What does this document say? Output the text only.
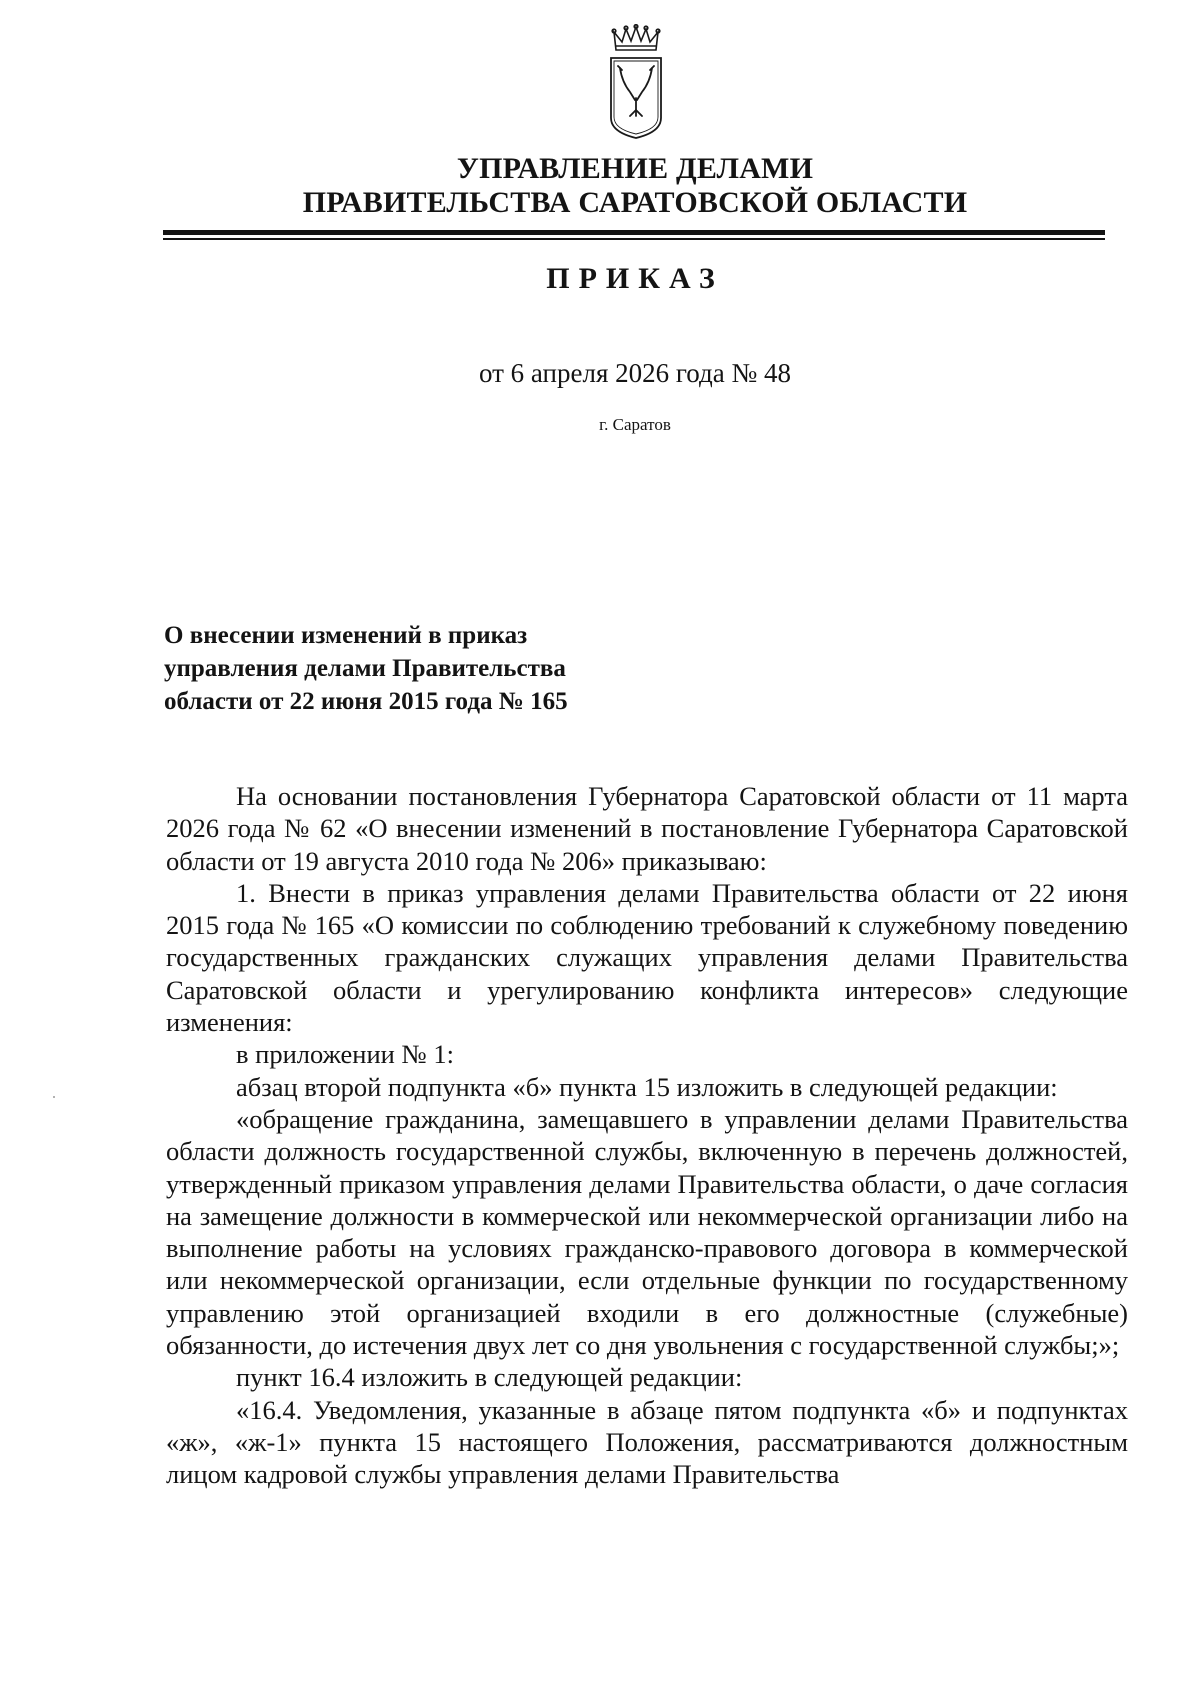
УПРАВЛЕНИЕ ДЕЛАМИ
ПРАВИТЕЛЬСТВА САРАТОВСКОЙ ОБЛАСТИ
ПРИКАЗ
от 6 апреля 2026 года № 48
г. Саратов
О внесении изменений в приказ
управления делами Правительства
области от 22 июня 2015 года № 165

На основании постановления Губернатора Саратовской области от 11 марта 2026 года № 62 «О внесении изменений в постановление Губернатора Саратовской области от 19 августа 2010 года № 206» приказываю:

1. Внести в приказ управления делами Правительства области от 22 июня 2015 года № 165 «О комиссии по соблюдению требований к служебному поведению государственных гражданских служащих управления делами Правительства Саратовской области и урегулированию конфликта интересов» следующие изменения:

в приложении № 1:

абзац второй подпункта «б» пункта 15 изложить в следующей редакции:

«обращение гражданина, замещавшего в управлении делами Правительства области должность государственной службы, включенную в перечень должностей, утвержденный приказом управления делами Правительства области, о даче согласия на замещение должности в коммерческой или некоммерческой организации либо на выполнение работы на условиях гражданско-правового договора в коммерческой или некоммерческой организации, если отдельные функции по государственному управлению этой организацией входили в его должностные (служебные) обязанности, до истечения двух лет со дня увольнения с государственной службы;»;

пункт 16.4 изложить в следующей редакции:

«16.4. Уведомления, указанные в абзаце пятом подпункта «б» и подпунктах «ж», «ж-1» пункта 15 настоящего Положения, рассматриваются должностным лицом кадровой службы управления делами Правительства
